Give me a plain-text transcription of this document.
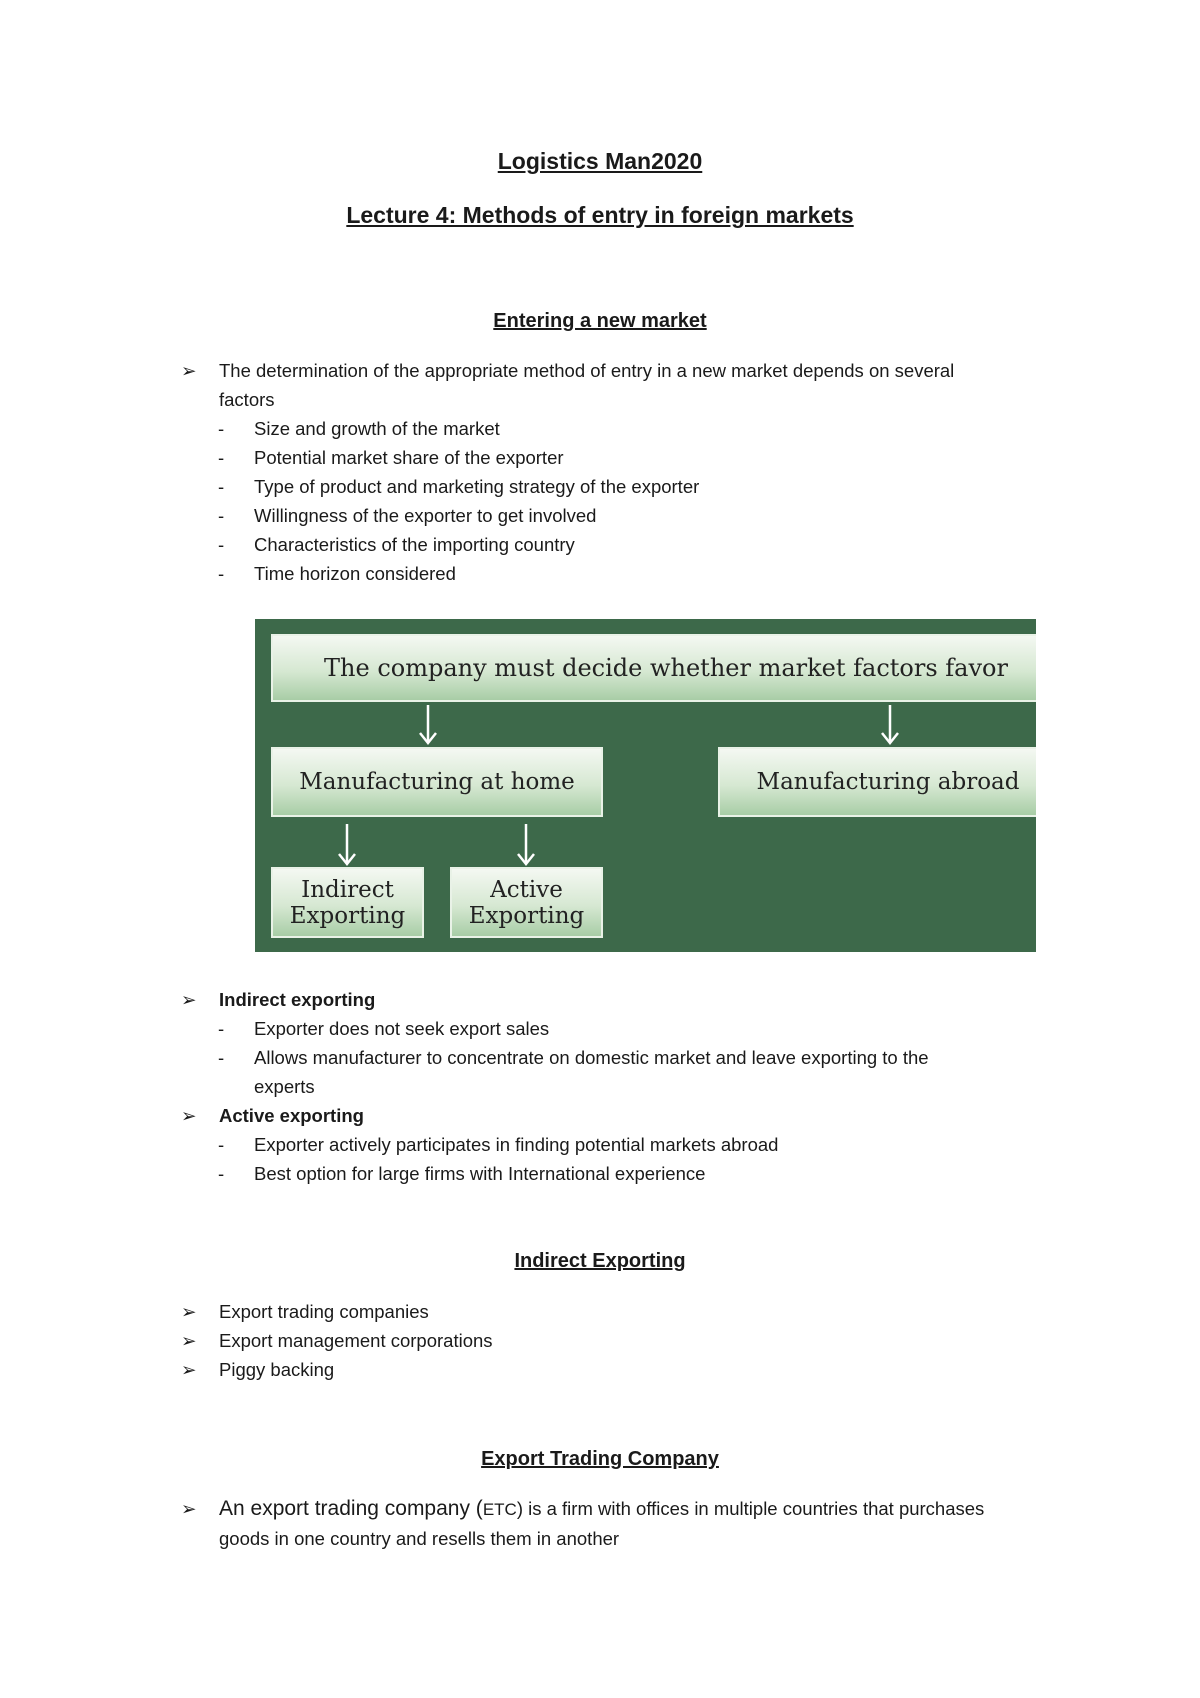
Logistics Man2020
Lecture 4: Methods of entry in foreign markets
Entering a new market
➢ The determination of the appropriate method of entry in a new market depends on several
factors
- Size and growth of the market
- Potential market share of the exporter
- Type of product and marketing strategy of the exporter
- Willingness of the exporter to get involved
- Characteristics of the importing country
- Time horizon considered
The company must decide whether market factors favor
Manufacturing at home	Manufacturing abroad
Indirect
Exporting
Active
Exporting
➢ Indirect exporting
- Exporter does not seek export sales
- Allows manufacturer to concentrate on domestic market and leave exporting to the
experts
➢ Active exporting
- Exporter actively participates in finding potential markets abroad
- Best option for large firms with International experience
Indirect Exporting
➢ Export trading companies
➢ Export management corporations
➢ Piggy backing
Export Trading Company
➢ An export trading company (ETC) is a firm with offices in multiple countries that purchases
goods in one country and resells them in another
